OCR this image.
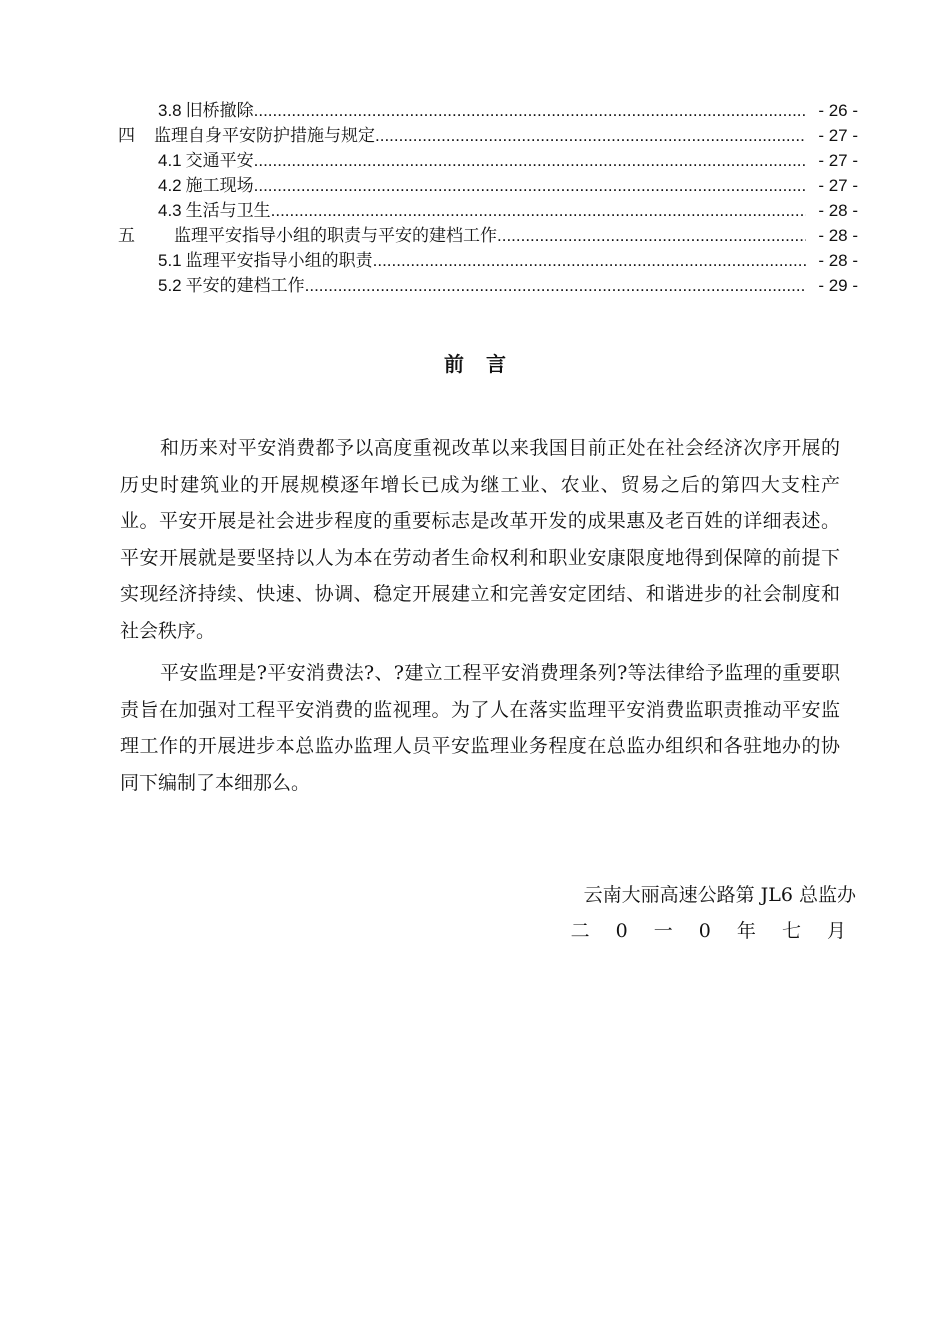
3.8 旧桥撤除 .....	- 26 -
四 监理自身平安防护措施与规定 .....	- 27 -
4.1 交通平安 .....	- 27 -
4.2 施工现场 .....	- 27 -
4.3 生活与卫生 .....	- 28 -
五 监理平安指导小组的职责与平安的建档工作 .....	- 28 -
5.1 监理平安指导小组的职责 .....	- 28 -
5.2 平安的建档工作 .....	- 29 -
前言

和历来对平安消费都予以高度重视改革以来我国目前正处在社会经济次序开展的历史时建筑业的开展规模逐年增长已成为继工业、农业、贸易之后的第四大支柱产业。平安开展是社会进步程度的重要标志是改革开发的成果惠及老百姓的详细表述。平安开展就是要坚持以人为本在劳动者生命权利和职业安康限度地得到保障的前提下实现经济持续、快速、协调、稳定开展建立和完善安定团结、和谐进步的社会制度和社会秩序。

平安监理是?平安消费法?、?建立工程平安消费理条列?等法律给予监理的重要职责旨在加强对工程平安消费的监视理。为了人在落实监理平安消费监职责推动平安监理工作的开展进步本总监办监理人员平安监理业务程度在总监办组织和各驻地办的协同下编制了本细那么。

云南大丽高速公路第 JL6 总监办
二 0 一 0 年 七 月
